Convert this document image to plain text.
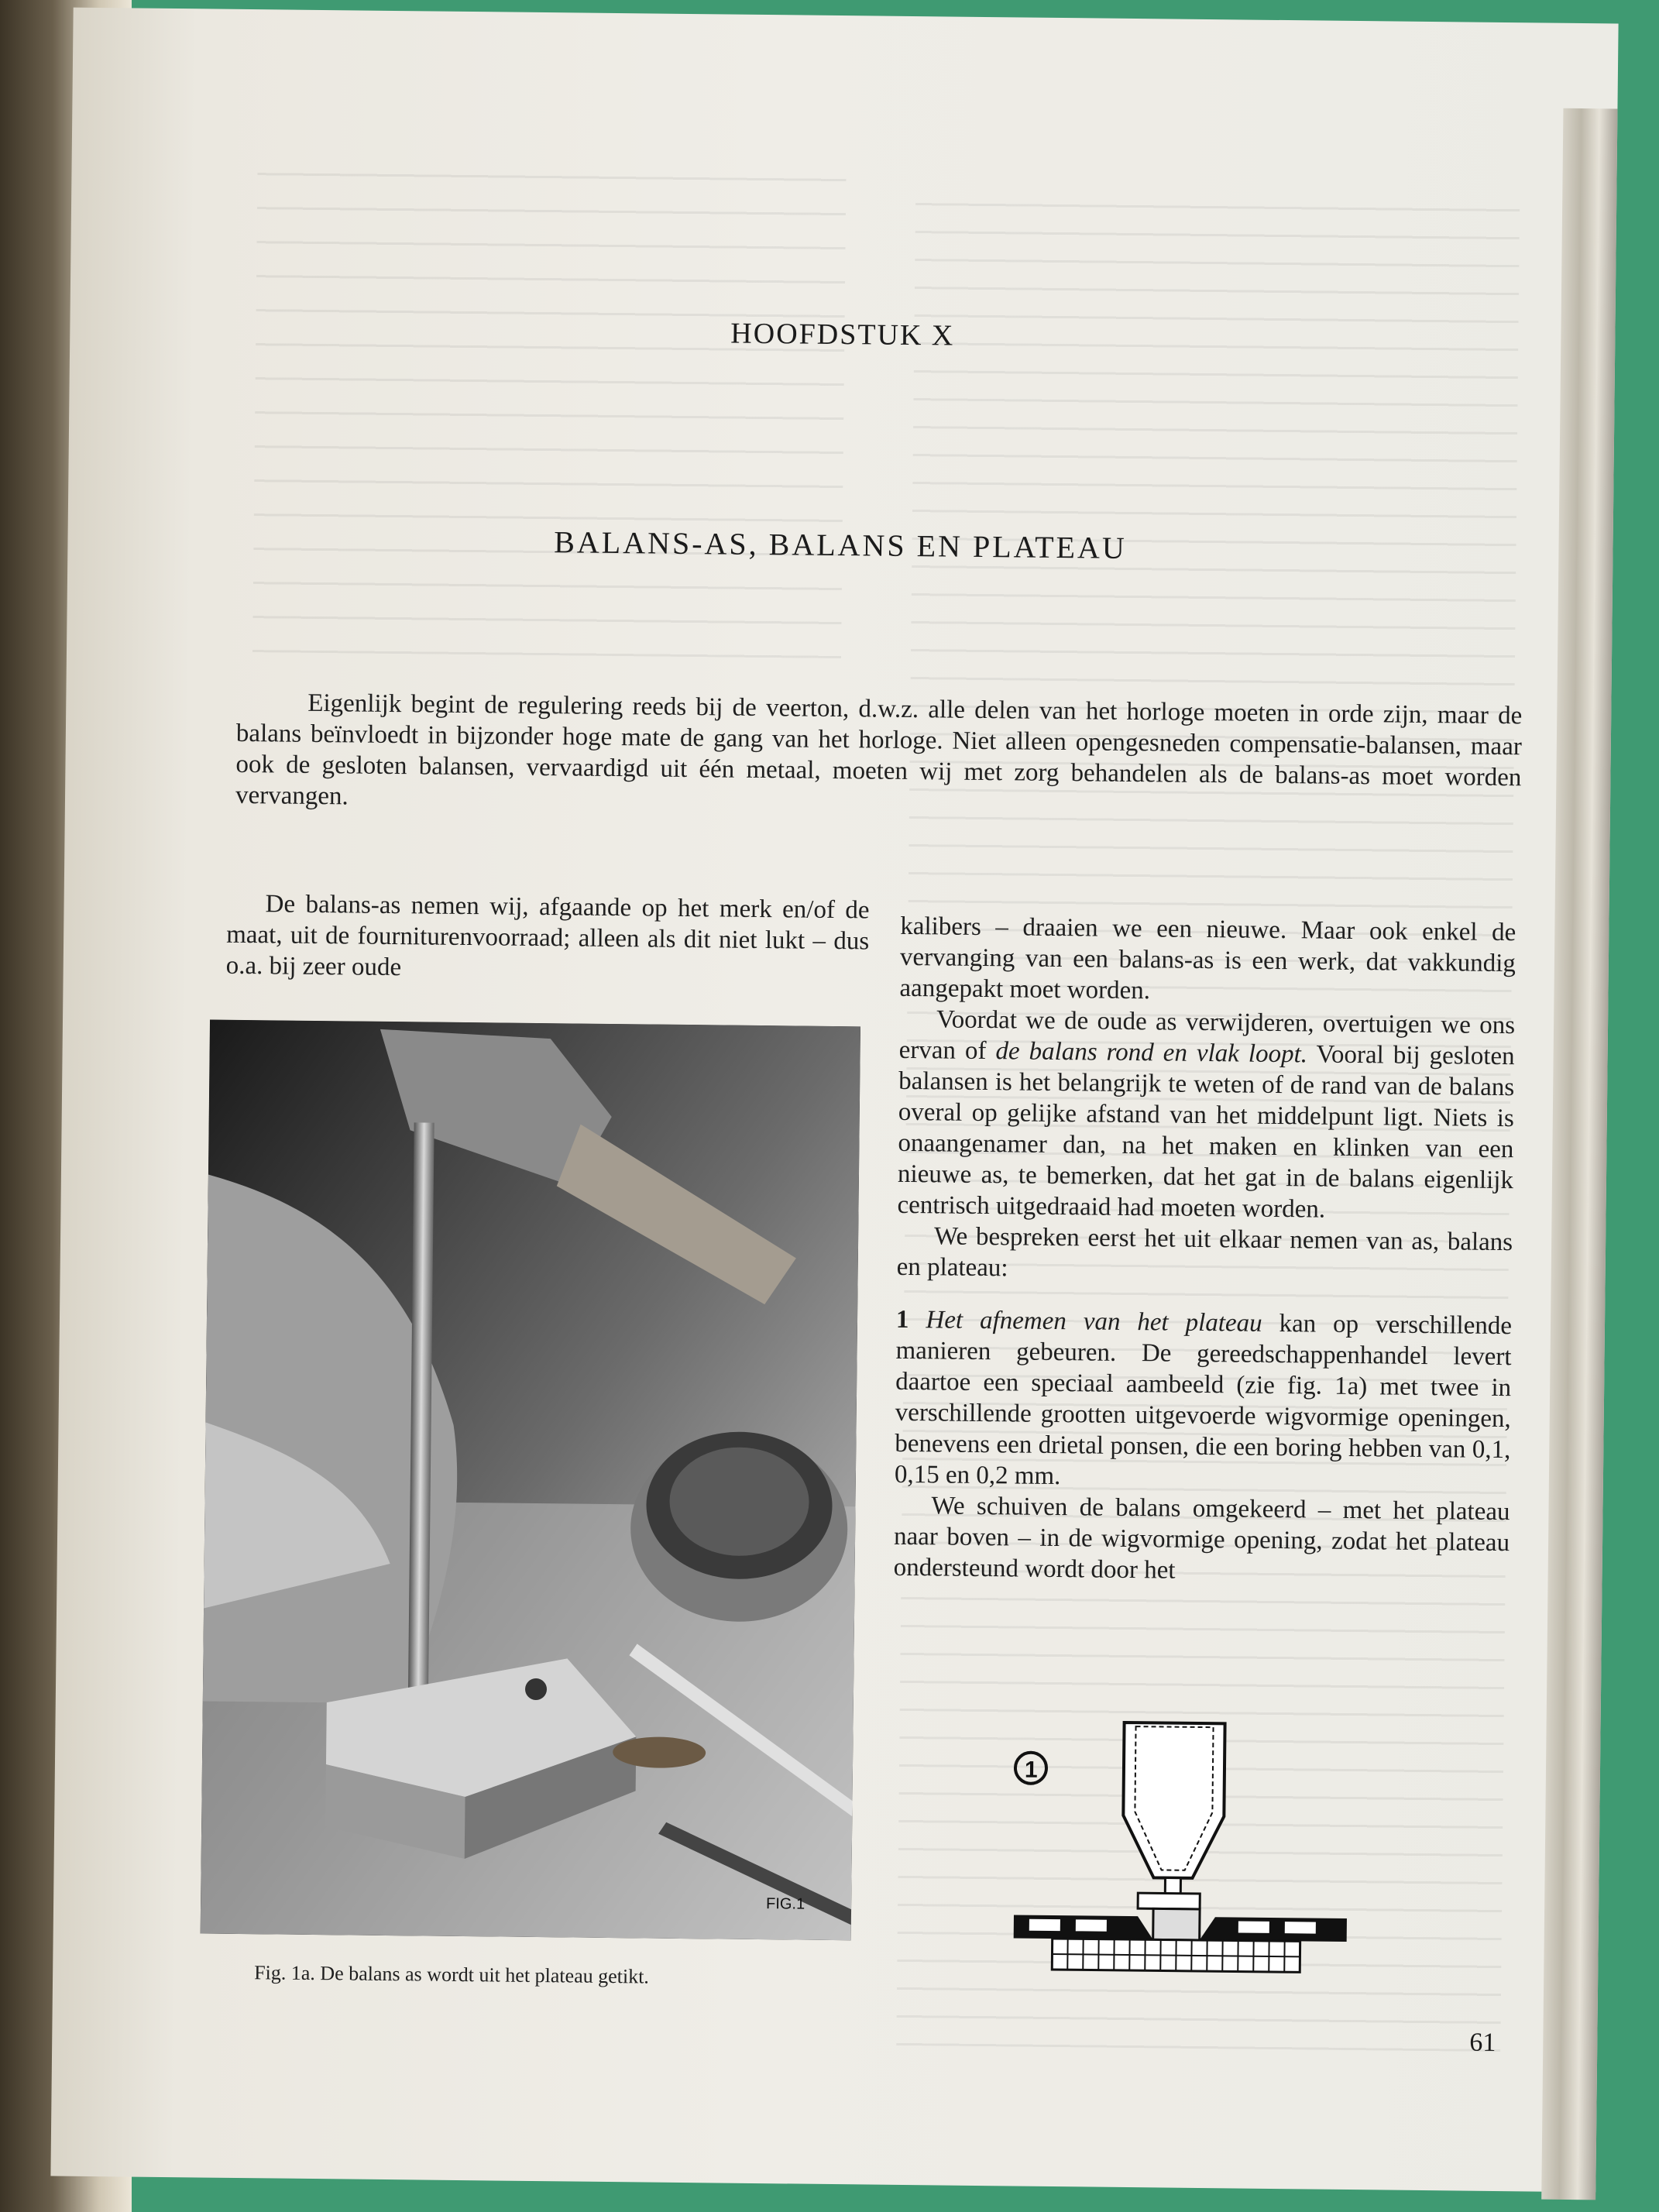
HOOFDSTUK X
BALANS-AS, BALANS EN PLATEAU

Eigenlijk begint de regulering reeds bij de veerton, d.w.z. alle delen van het horloge moeten in orde zijn, maar de balans beïnvloedt in bijzonder hoge mate de gang van het horloge. Niet alleen opengesneden compensatie-balansen, maar ook de gesloten balansen, vervaardigd uit één metaal, moeten wij met zorg behandelen als de balans-as moet worden vervangen.

De balans-as nemen wij, afgaande op het merk en/of de maat, uit de fourniturenvoorraad; alleen als dit niet lukt – dus o.a. bij zeer oude

FIG.1
Fig. 1a. De balans as wordt uit het plateau getikt.

kalibers – draaien we een nieuwe. Maar ook enkel de vervanging van een balans-as is een werk, dat vakkundig aangepakt moet worden.

Voordat we de oude as verwijderen, overtuigen we ons ervan of de balans rond en vlak loopt. Vooral bij gesloten balansen is het belangrijk te weten of de rand van de balans overal op gelijke afstand van het middelpunt ligt. Niets is onaangenamer dan, na het maken en klinken van een nieuwe as, te bemerken, dat het gat in de balans eigenlijk centrisch uitgedraaid had moeten worden.

We bespreken eerst het uit elkaar nemen van as, balans en plateau:

1 Het afnemen van het plateau kan op verschillende manieren gebeuren. De gereedschappenhandel levert daartoe een speciaal aambeeld (zie fig. 1a) met twee in verschillende grootten uitgevoerde wigvormige openingen, benevens een drietal ponsen, die een boring hebben van 0,1, 0,15 en 0,2 mm.

We schuiven de balans omgekeerd – met het plateau naar boven – in de wigvormige opening, zodat het plateau ondersteund wordt door het

1
61
